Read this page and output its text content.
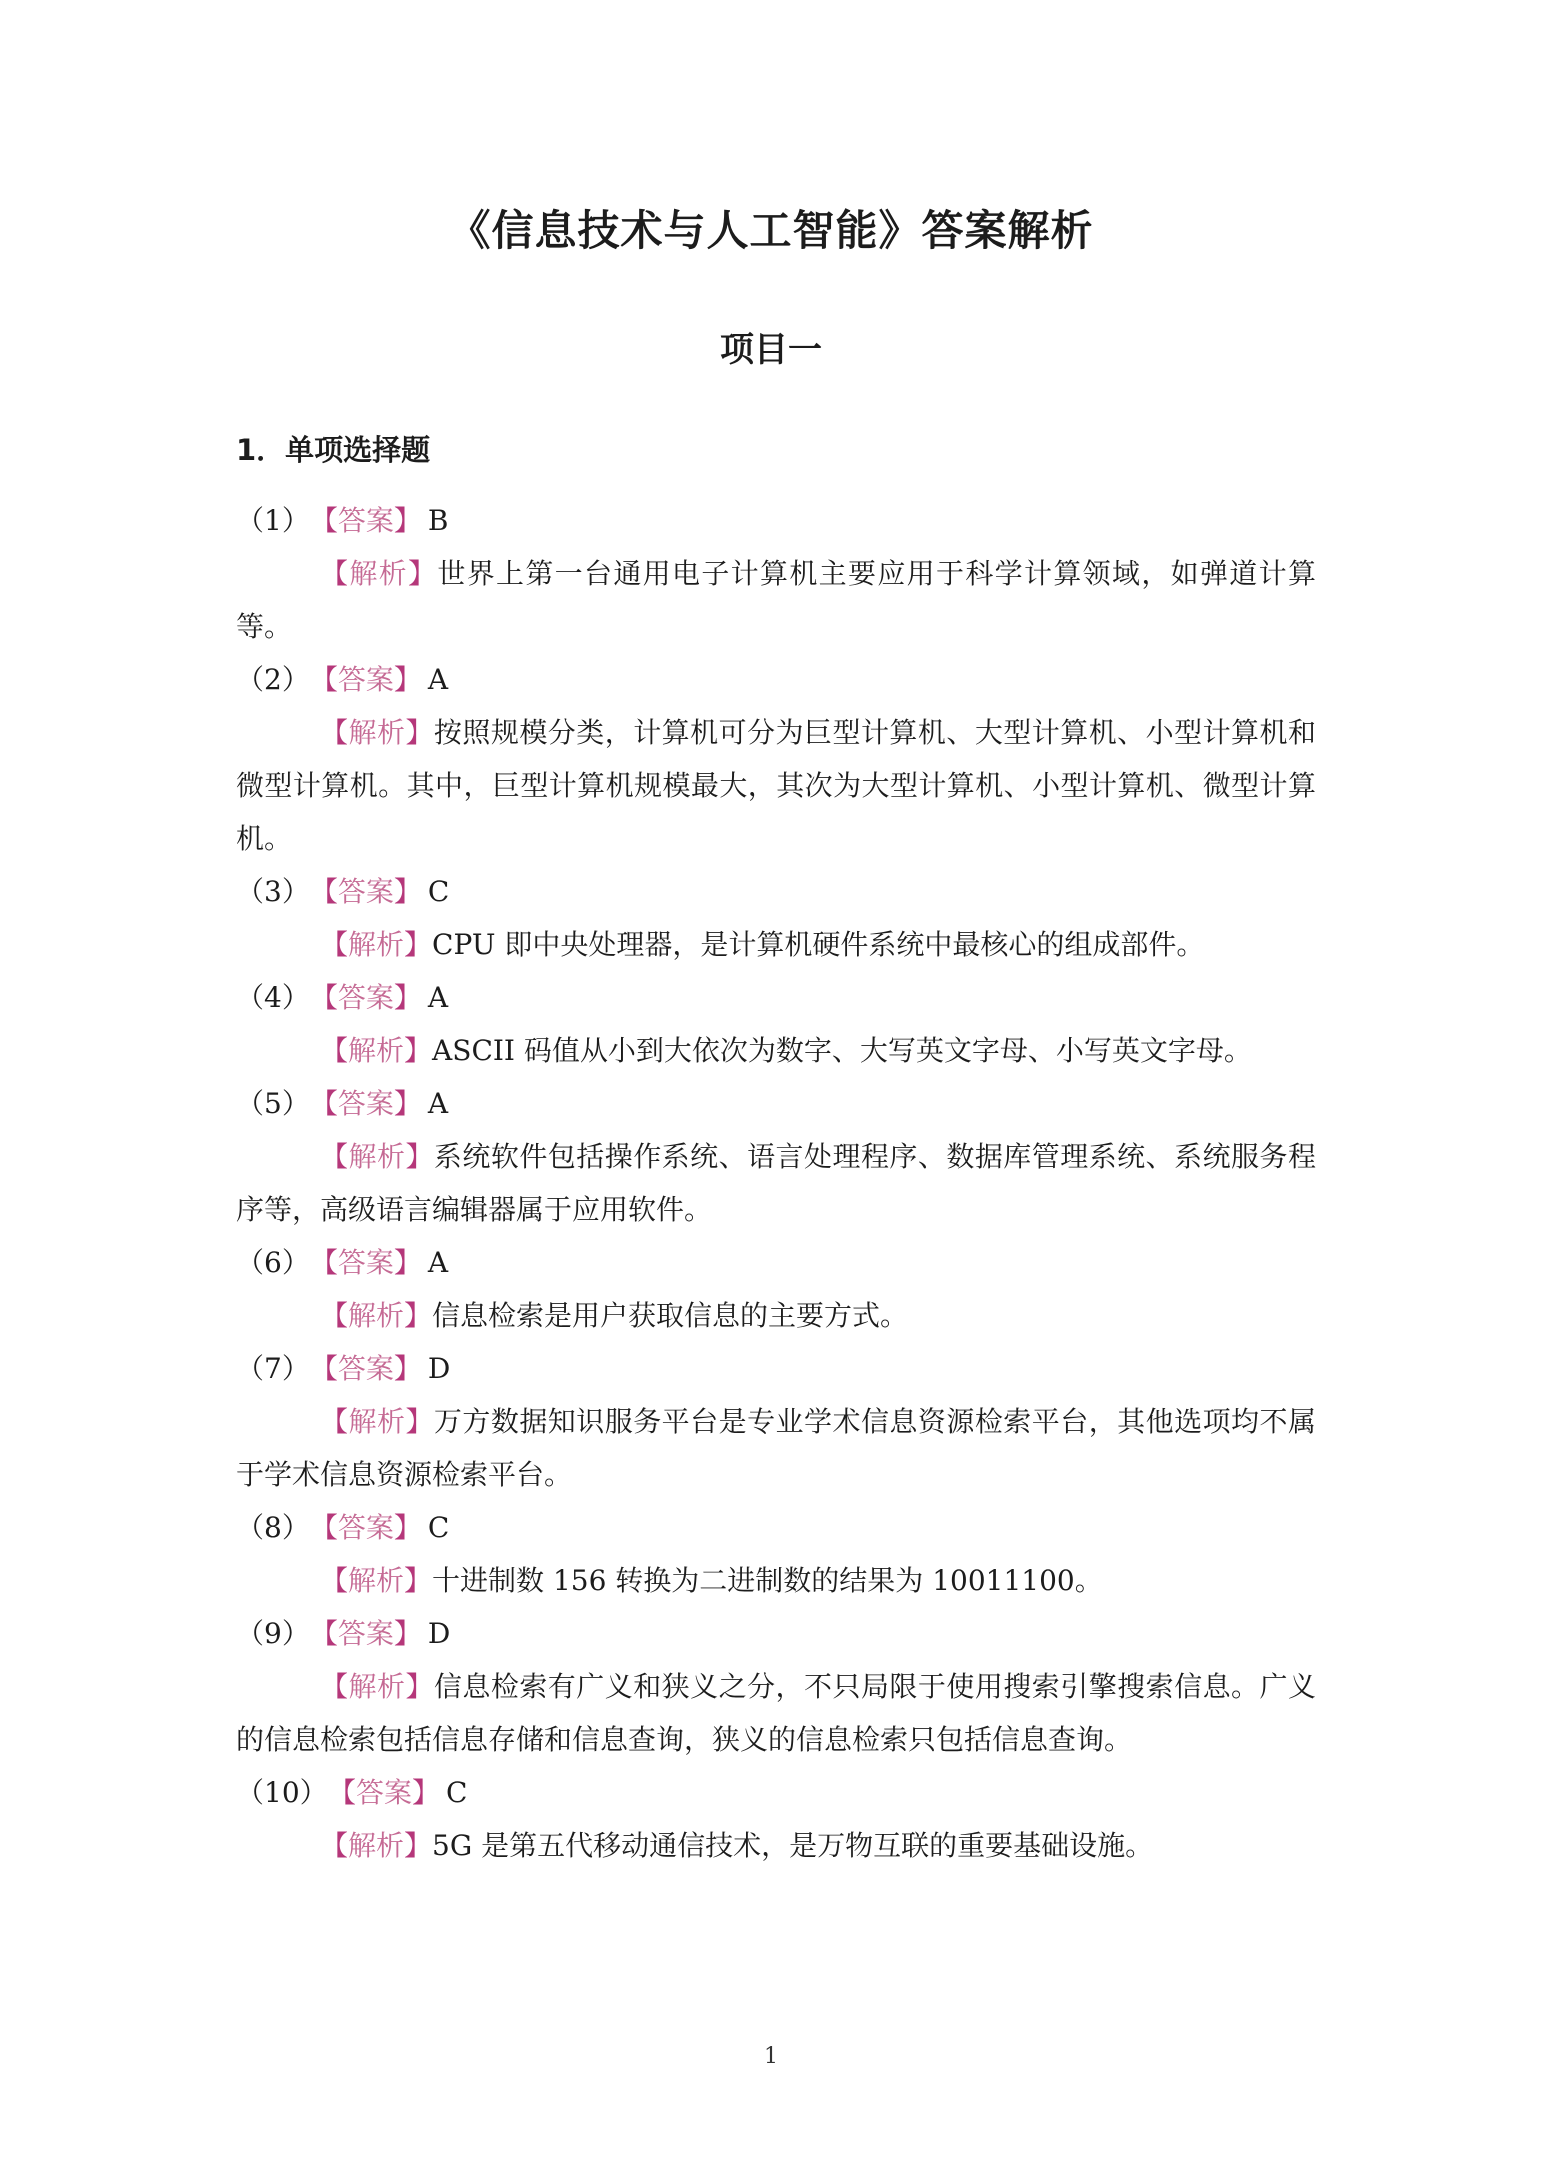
《信息技术与人工智能》答案解析
项目一
1．单项选择题
（1）【答案】 B

【解析】世界上第一台通用电子计算机主要应用于科学计算领域，如弹道计算等。

（2）【答案】 A

【解析】按照规模分类，计算机可分为巨型计算机、大型计算机、小型计算机和微型计算机。其中，巨型计算机规模最大，其次为大型计算机、小型计算机、微型计算机。

（3）【答案】 C

【解析】CPU 即中央处理器，是计算机硬件系统中最核心的组成部件。

（4）【答案】 A

【解析】ASCII 码值从小到大依次为数字、大写英文字母、小写英文字母。

（5）【答案】 A

【解析】系统软件包括操作系统、语言处理程序、数据库管理系统、系统服务程序等，高级语言编辑器属于应用软件。

（6）【答案】 A

【解析】信息检索是用户获取信息的主要方式。

（7）【答案】 D

【解析】万方数据知识服务平台是专业学术信息资源检索平台，其他选项均不属于学术信息资源检索平台。

（8）【答案】 C

【解析】十进制数 156 转换为二进制数的结果为 10011100。

（9）【答案】 D

【解析】信息检索有广义和狭义之分，不只局限于使用搜索引擎搜索信息。广义的信息检索包括信息存储和信息查询，狭义的信息检索只包括信息查询。

（10）【答案】 C

【解析】5G 是第五代移动通信技术，是万物互联的重要基础设施。

1
